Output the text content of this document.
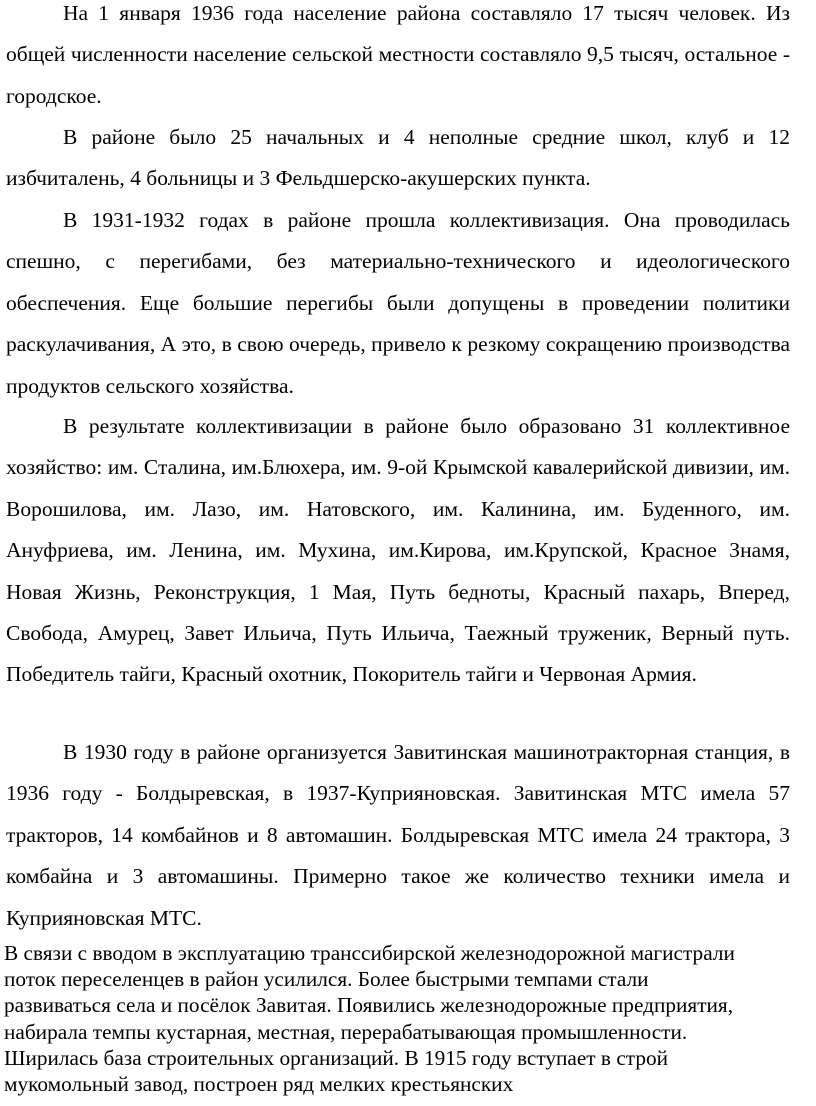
На 1 января 1936 года население района составляло 17 тысяч человек. Из общей численности население сельской местности составляло 9,5 тысяч, остальное - городское.

В районе было 25 начальных и 4 неполные средние школ, клуб и 12 избчиталень, 4 больницы и 3 Фельдшерско-акушерских пункта.

В 1931-1932 годах в районе прошла коллективизация. Она проводилась спешно, с перегибами, без материально-технического и идеологического обеспечения. Еще большие перегибы были допущены в проведении политики раскулачивания, А это, в свою очередь, привело к резкому сокращению производства продуктов сельского хозяйства.

В результате коллективизации в районе было образовано 31 коллективное хозяйство: им. Сталина, им.Блюхера, им. 9-ой Крымской кавалерийской дивизии, им. Ворошилова, им. Лазо, им. Натовского, им. Калинина, им. Буденного, им. Ануфриева, им. Ленина, им. Мухина, им.Кирова, им.Крупской, Красное Знамя, Новая Жизнь, Реконструкция, 1 Мая, Путь бедноты, Красный пахарь, Вперед, Свобода, Амурец, Завет Ильича, Путь Ильича, Таежный труженик, Верный путь. Победитель тайги, Красный охотник, Покоритель тайги и Червоная Армия.

В 1930 году в районе организуется Завитинская машинотракторная станция, в 1936 году - Болдыревская, в 1937-Куприяновская. Завитинская МТС имела 57 тракторов, 14 комбайнов и 8 автомашин. Болдыревская МТС имела 24 трактора, 3 комбайна и 3 автомашины. Примерно такое же количество техники имела и Куприяновская МТС.

В связи с вводом в эксплуатацию транссибирской железнодорожной магистрали поток переселенцев в район усилился. Более быстрыми темпами стали развиваться села и посёлок Завитая. Появились железнодорожные предприятия, набирала темпы кустарная, местная, перерабатывающая промышленности. Ширилась база строительных организаций. В 1915 году вступает в строй мукомольный завод, построен ряд мелких крестьянских
